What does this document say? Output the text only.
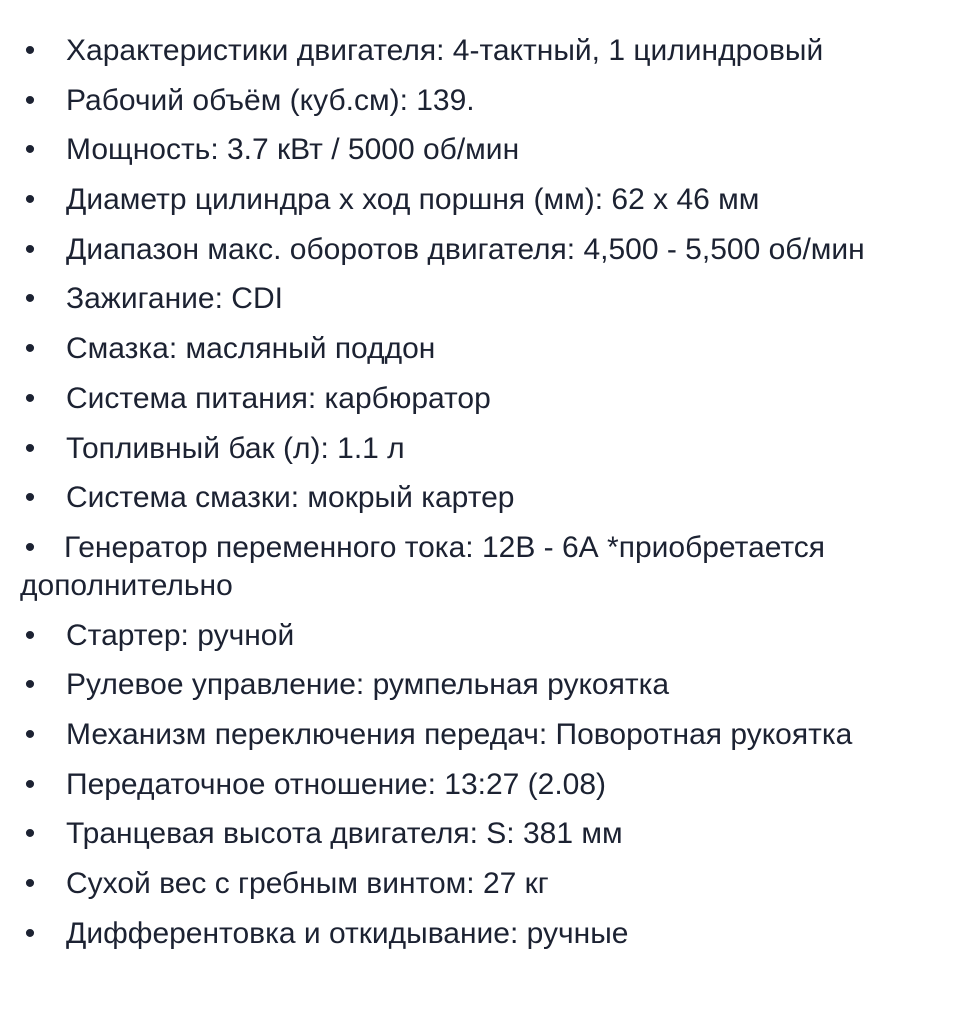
• Характеристики двигателя: 4-тактный, 1 цилиндровый
• Рабочий объём (куб.см): 139.
• Мощность: 3.7 кВт / 5000 об/мин
• Диаметр цилиндра x ход поршня (мм): 62 x 46 мм
• Диапазон макс. оборотов двигателя: 4,500 - 5,500 об/мин
• Зажигание: CDI
• Смазка: масляный поддон
• Система питания: карбюратор
• Топливный бак (л): 1.1 л
• Система смазки: мокрый картер
• Генератор переменного тока: 12В - 6А *приобретается дополнительно
• Стартер: ручной
• Рулевое управление: румпельная рукоятка
• Механизм переключения передач: Поворотная рукоятка
• Передаточное отношение: 13:27 (2.08)
• Транцевая высота двигателя: S: 381 мм
• Сухой вес с гребным винтом: 27 кг
• Дифферентовка и откидывание: ручные
